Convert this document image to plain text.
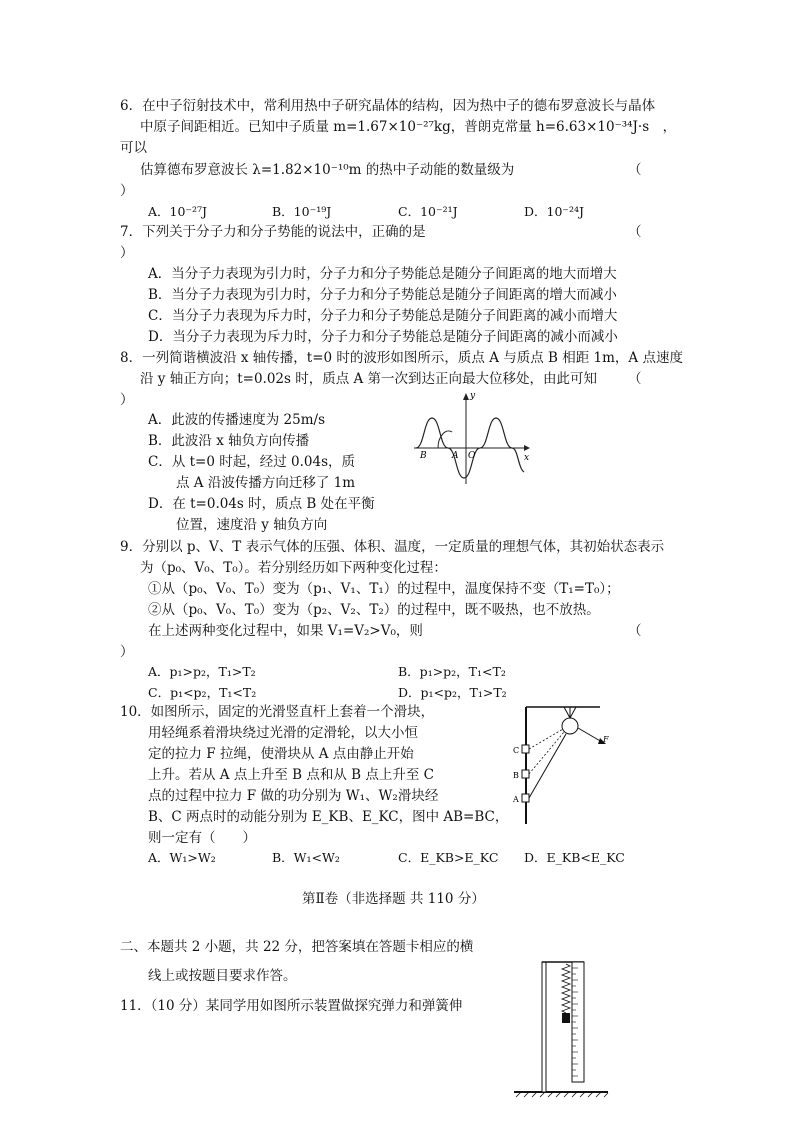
6．在中子衍射技术中，常利用热中子研究晶体的结构，因为热中子的德布罗意波长与晶体
中原子间距相近。已知中子质量 m=1.67×10⁻²⁷kg，普朗克常量 h=6.63×10⁻³⁴J·s　，
可以
估算德布罗意波长 λ=1.82×10⁻¹⁰m 的热中子动能的数量级为	（
）
A．10⁻²⁷J	B．10⁻¹⁹J	C．10⁻²¹J	D．10⁻²⁴J
7．下列关于分子力和分子势能的说法中，正确的是	（
）
A．当分子力表现为引力时，分子力和分子势能总是随分子间距离的地大而增大
B．当分子力表现为引力时，分子力和分子势能总是随分子间距离的增大而减小
C．当分子力表现为斥力时，分子力和分子势能总是随分子间距离的减小而增大
D．当分子力表现为斥力时，分子力和分子势能总是随分子间距离的减小而减小
8．一列简谐横波沿 x 轴传播，t=0 时的波形如图所示，质点 A 与质点 B 相距 1m，A 点速度
沿 y 轴正方向；t=0.02s 时，质点 A 第一次到达正向最大位移处，由此可知 （
）
A．此波的传播速度为 25m/s
B．此波沿 x 轴负方向传播
C．从 t=0 时起，经过 0.04s，质
点 A 沿波传播方向迁移了 1m
D．在 t=0.04s 时，质点 B 处在平衡
位置，速度沿 y 轴负方向
y
x
B	A O
9．分别以 p、V、T 表示气体的压强、体积、温度，一定质量的理想气体，其初始状态表示
为（p₀、V₀、T₀）。若分别经历如下两种变化过程：
①从（p₀、V₀、T₀）变为（p₁、V₁、T₁）的过程中，温度保持不变（T₁=T₀）；
②从（p₀、V₀、T₀）变为（p₂、V₂、T₂）的过程中，既不吸热，也不放热。
在上述两种变化过程中，如果 V₁=V₂>V₀，则	（
）
A．p₁>p₂，T₁>T₂	B．p₁>p₂，T₁<T₂
C．p₁<p₂，T₁<T₂	D．p₁<p₂，T₁>T₂
10．如图所示，固定的光滑竖直杆上套着一个滑块，
用轻绳系着滑块绕过光滑的定滑轮，以大小恒
定的拉力 F 拉绳，使滑块从 A 点由静止开始
上升。若从 A 点上升至 B 点和从 B 点上升至 C
点的过程中拉力 F 做的功分别为 W₁、W₂滑块经
B、C 两点时的动能分别为 E_KB、E_KC，图中 AB=BC，
则一定有（　　）
A．W₁>W₂	B．W₁<W₂	C．E_KB>E_KC D．E_KB<E_KC
F
C
B
A
第Ⅱ卷（非选择题 共 110 分）
二、本题共 2 小题，共 22 分，把答案填在答题卡相应的横
线上或按题目要求作答。
11．（10 分）某同学用如图所示装置做探究弹力和弹簧伸
